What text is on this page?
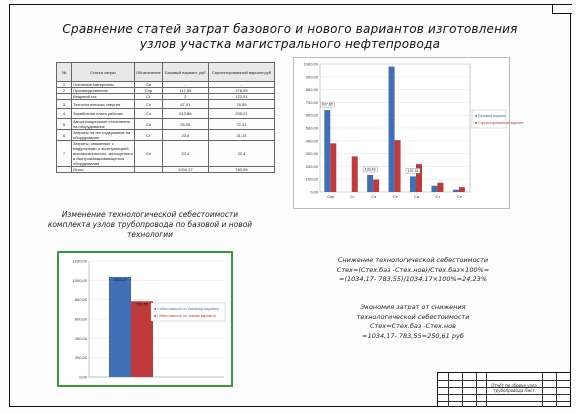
Сравнение статей затрат базового и нового вариантов изготовления узлов участка магистрального нефтепровода
№	Статья затрат	Обозначение	Базовый вариант, руб	Спроектированный вариант,руб
1	Основные материалы	См	-	-
2	Производственное	Спр	117,59	278,55
	Вещевой газ	Сг	2	122,51
3	Технологическая энергия	Сэ	67,91	76,55
4	Заработная плата рабочих	Сз	513,88	205,21
5	Амортизационные отчисления на оборудование	Са	25,05	72,41
6	Затраты на тех.содержание на оборудование	Ст	23,4	21,13
7	Затраты, связанные с модульными и эксплуатацией вспомогательного, малоценного и быстроизнашивающегося оборудования	Сп	22,4	22,4
	Итого		1034,17	783,55
1000,00
900,00
800,00
700,00
600,00
500,00
400,00
300,00
200,00
100,00
0,00
637,65
Спр	Сг
133,43
Сэ	Сз
122,15
Са	Ст	Сп
■ Базовый вариант
■ Спроектированный вариант
Изменение технологической себестоимости комплекта узлов трубопровода по базовой и новой технологии
1200,00
1000,00
800,00
600,00
400,00
200,00
0,00
1034,17
783,55
■ Себестоимость по базовому варианту
■ Себестоимость по новому варианту
Снижение технологической себестоимости
Стех=(Стех.баз -Стех.нов)/Стех.баз×100%=
=(1034,17- 783,55)/1034,17×100%=24,23%
Экономия затрат от снижения
технологической себестоимости
Стех=Стех.баз -Стех.нов
=1034,17- 783,55=250,61 руб
Отчёт по сборке узла трубопровода Лист
